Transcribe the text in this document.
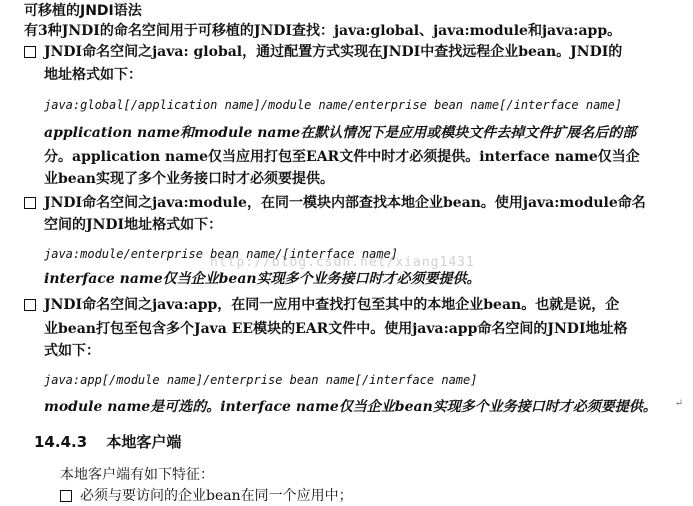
可移植的JNDI语法
有3种JNDI的命名空间用于可移植的JNDI查找：java:global、java:module和java:app。
JNDI命名空间之java: global，通过配置方式实现在JNDI中查找远程企业bean。JNDI的
地址格式如下：
java:global[/application name]/module name/enterprise bean name[/interface name]
application name和module name在默认情况下是应用或模块文件去掉文件扩展名后的部
分。application name仅当应用打包至EAR文件中时才必须提供。interface name仅当企
业bean实现了多个业务接口时才必须要提供。
JNDI命名空间之java:module，在同一模块内部查找本地企业bean。使用java:module命名
空间的JNDI地址格式如下：
java:module/enterprise bean name/[interface name]
interface name仅当企业bean实现多个业务接口时才必须要提供。
JNDI命名空间之java:app，在同一应用中查找打包至其中的本地企业bean。也就是说，企
业bean打包至包含多个Java EE模块的EAR文件中。使用java:app命名空间的JNDI地址格
式如下：
java:app[/module name]/enterprise bean name[/interface name]
module name是可选的。interface name仅当企业bean实现多个业务接口时才必须要提供。	↵
14.4.3 本地客户端
本地客户端有如下特征：
必须与要访问的企业bean在同一个应用中；
http://blog.csdn.net/xiang1431
